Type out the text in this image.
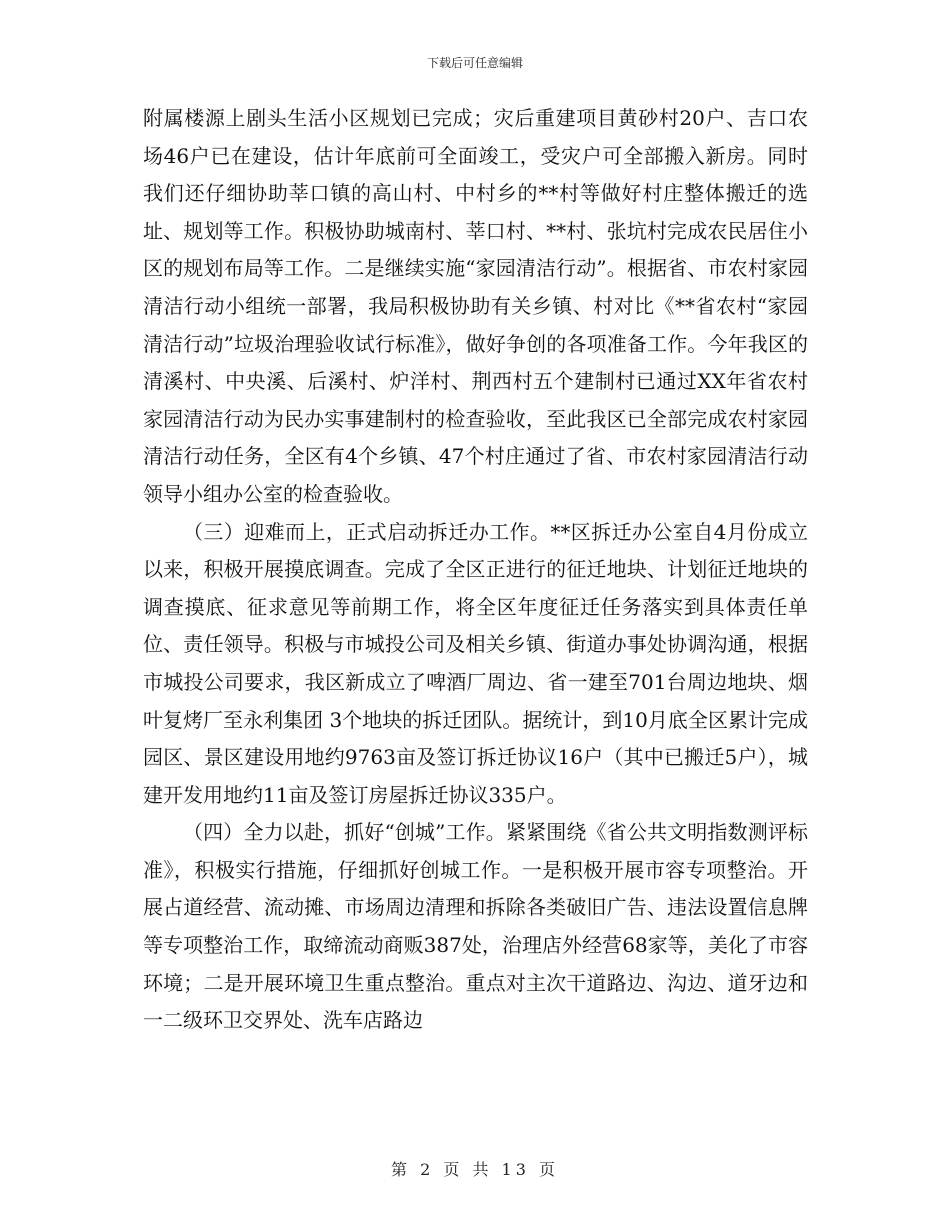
下载后可任意编辑

附属楼源上剧头生活小区规划已完成；灾后重建项目黄砂村20户、吉口农场46户已在建设，估计年底前可全面竣工，受灾户可全部搬入新房。同时我们还仔细协助莘口镇的高山村、中村乡的**村等做好村庄整体搬迁的选址、规划等工作。积极协助城南村、莘口村、**村、张坑村完成农民居住小区的规划布局等工作。二是继续实施“家园清洁行动”。根据省、市农村家园清洁行动小组统一部署，我局积极协助有关乡镇、村对比《**省农村“家园清洁行动”垃圾治理验收试行标准》，做好争创的各项准备工作。今年我区的清溪村、中央溪、后溪村、炉洋村、荆西村五个建制村已通过XX年省农村家园清洁行动为民办实事建制村的检查验收，至此我区已全部完成农村家园清洁行动任务，全区有4个乡镇、47个村庄通过了省、市农村家园清洁行动领导小组办公室的检查验收。

（三）迎难而上，正式启动拆迁办工作。**区拆迁办公室自4月份成立以来，积极开展摸底调查。完成了全区正进行的征迁地块、计划征迁地块的调查摸底、征求意见等前期工作，将全区年度征迁任务落实到具体责任单位、责任领导。积极与市城投公司及相关乡镇、街道办事处协调沟通，根据市城投公司要求，我区新成立了啤酒厂周边、省一建至701台周边地块、烟叶复烤厂至永利集团 3个地块的拆迁团队。据统计，到10月底全区累计完成园区、景区建设用地约9763亩及签订拆迁协议16户（其中已搬迁5户），城建开发用地约11亩及签订房屋拆迁协议335户。

（四）全力以赴，抓好“创城”工作。紧紧围绕《省公共文明指数测评标准》，积极实行措施，仔细抓好创城工作。一是积极开展市容专项整治。开展占道经营、流动摊、市场周边清理和拆除各类破旧广告、违法设置信息牌等专项整治工作，取缔流动商贩387处，治理店外经营68家等，美化了市容环境；二是开展环境卫生重点整治。重点对主次干道路边、沟边、道牙边和一二级环卫交界处、洗车店路边

第 2 页 共 13 页
